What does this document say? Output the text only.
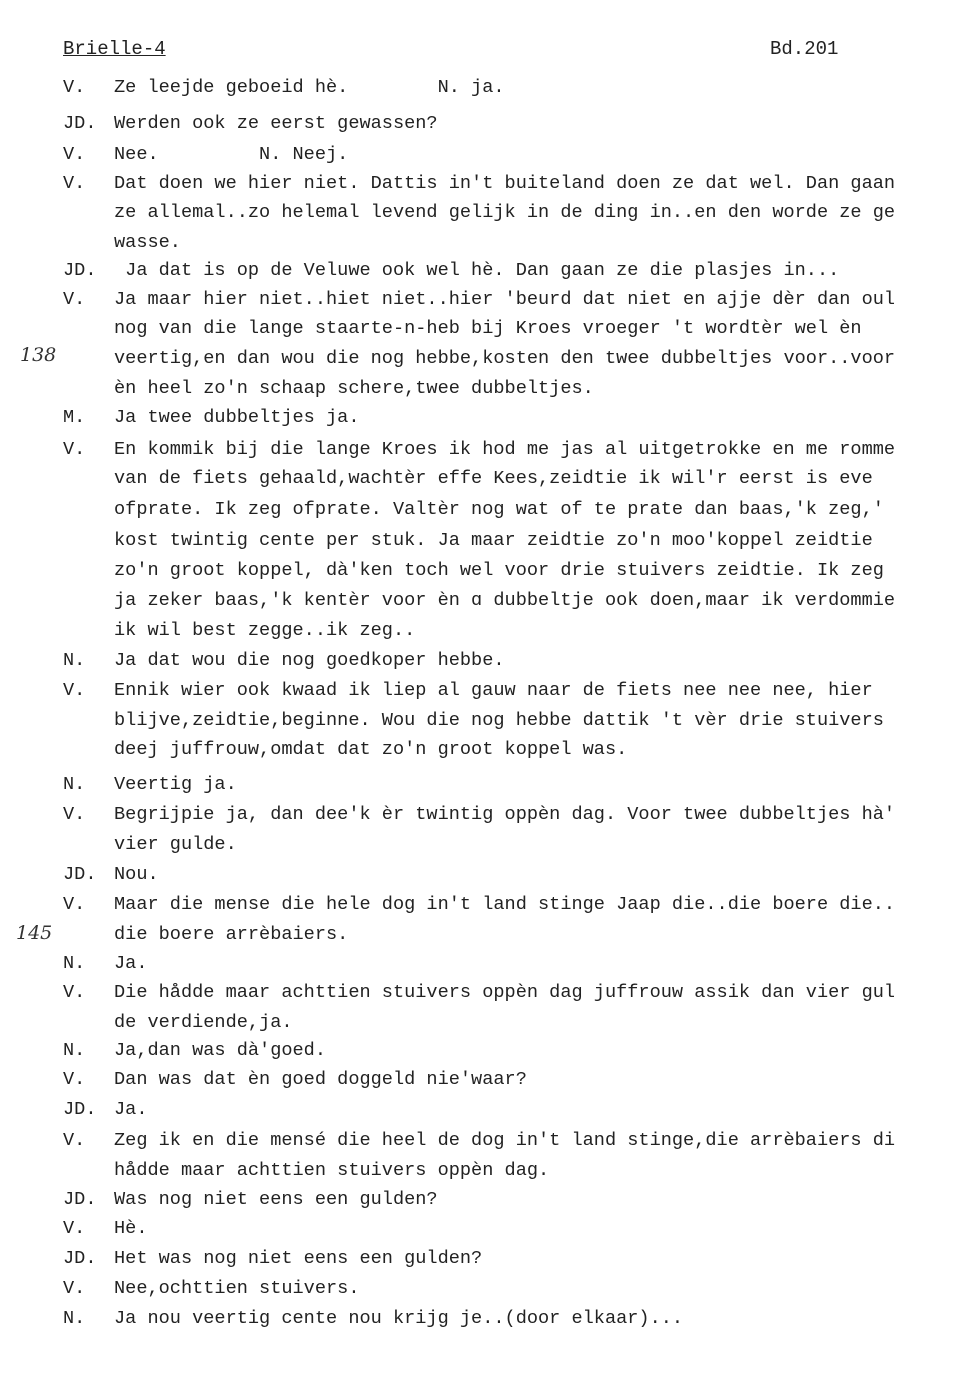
Brielle-4	Bd.201
138
145
V. Ze leejde geboeid hè.        N. ja.
JD. Werden ook ze eerst gewassen?
V. Nee.         N. Neej.
V. Dat doen we hier niet. Dattis in't buiteland doen ze dat wel. Dan gaan
ze allemal..zo helemal levend gelijk in de ding in..en den worde ze ge
wasse.
JD. Ja dat is op de Veluwe ook wel hè. Dan gaan ze die plasjes in...
V. Ja maar hier niet..hiet niet..hier 'beurd dat niet en ajje dèr dan oul
nog van die lange staarte-n-heb bij Kroes vroeger 't wordtèr wel èn
veertig,en dan wou die nog hebbe,kosten den twee dubbeltjes voor..voor
èn heel zo'n schaap schere,twee dubbeltjes.
M. Ja twee dubbeltjes ja.
V. En kommik bij die lange Kroes ik hod me jas al uitgetrokke en me romme
van de fiets gehaald,wachtèr effe Kees,zeidtie ik wil'r eerst is eve
ofprate. Ik zeg ofprate. Valtèr nog wat of te prate dan baas,'k zeg,'
kost twintig cente per stuk. Ja maar zeidtie zo'n moo'koppel zeidtie
zo'n groot koppel, dà'ken toch wel voor drie stuivers zeidtie. Ik zeg
ja zeker baas,'k kentèr voor èn ɑ dubbeltje ook doen,maar ik verdommie
ik wil best zegge..ik zeg..
N. Ja dat wou die nog goedkoper hebbe.
V. Ennik wier ook kwaad ik liep al gauw naar de fiets nee nee nee, hier
blijve,zeidtie,beginne. Wou die nog hebbe dattik 't vèr drie stuivers
deej juffrouw,omdat dat zo'n groot koppel was.
N. Veertig ja.
V. Begrijpie ja, dan dee'k èr twintig oppèn dag. Voor twee dubbeltjes hà'
vier gulde.
JD. Nou.
V. Maar die mense die hele dog in't land stinge Jaap die..die boere die..
die boere arrèbaiers.
N. Ja.
V. Die hådde maar achttien stuivers oppèn dag juffrouw assik dan vier gul
de verdiende,ja.
N. Ja,dan was dà'goed.
V. Dan was dat èn goed doggeld nie'waar?
JD. Ja.
V. Zeg ik en die mensé die heel de dog in't land stinge,die arrèbaiers di
hådde maar achttien stuivers oppèn dag.
JD. Was nog niet eens een gulden?
V. Hè.
JD. Het was nog niet eens een gulden?
V. Nee,ochttien stuivers.
N. Ja nou veertig cente nou krijg je..(door elkaar)...
